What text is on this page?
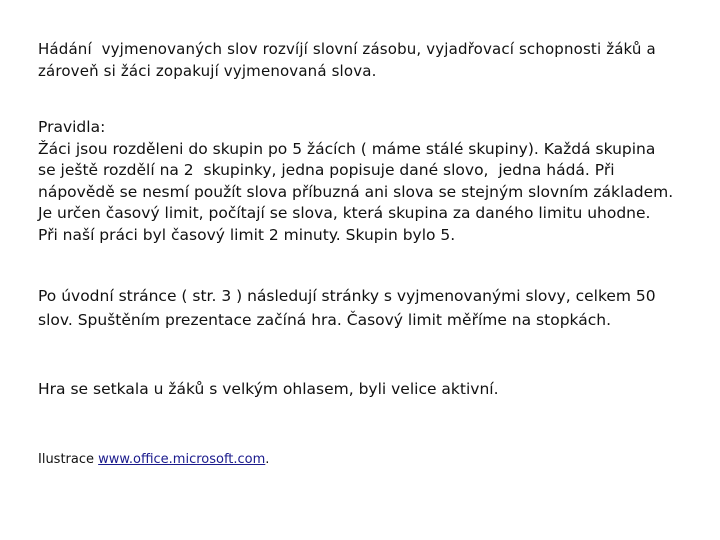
Hádání  vyjmenovaných slov rozvíjí slovní zásobu, vyjadřovací schopnosti žáků a
zároveň si žáci zopakují vyjmenovaná slova.
Pravidla:
Žáci jsou rozděleni do skupin po 5 žácích ( máme stálé skupiny). Každá skupina
se ještě rozdělí na 2  skupinky, jedna popisuje dané slovo,  jedna hádá. Při
nápovědě se nesmí použít slova příbuzná ani slova se stejným slovním základem.
Je určen časový limit, počítají se slova, která skupina za daného limitu uhodne.
Při naší práci byl časový limit 2 minuty. Skupin bylo 5.
Po úvodní stránce ( str. 3 ) následují stránky s vyjmenovanými slovy, celkem 50
slov. Spuštěním prezentace začíná hra. Časový limit měříme na stopkách.
Hra se setkala u žáků s velkým ohlasem, byli velice aktivní.
Ilustrace www.office.microsoft.com.
